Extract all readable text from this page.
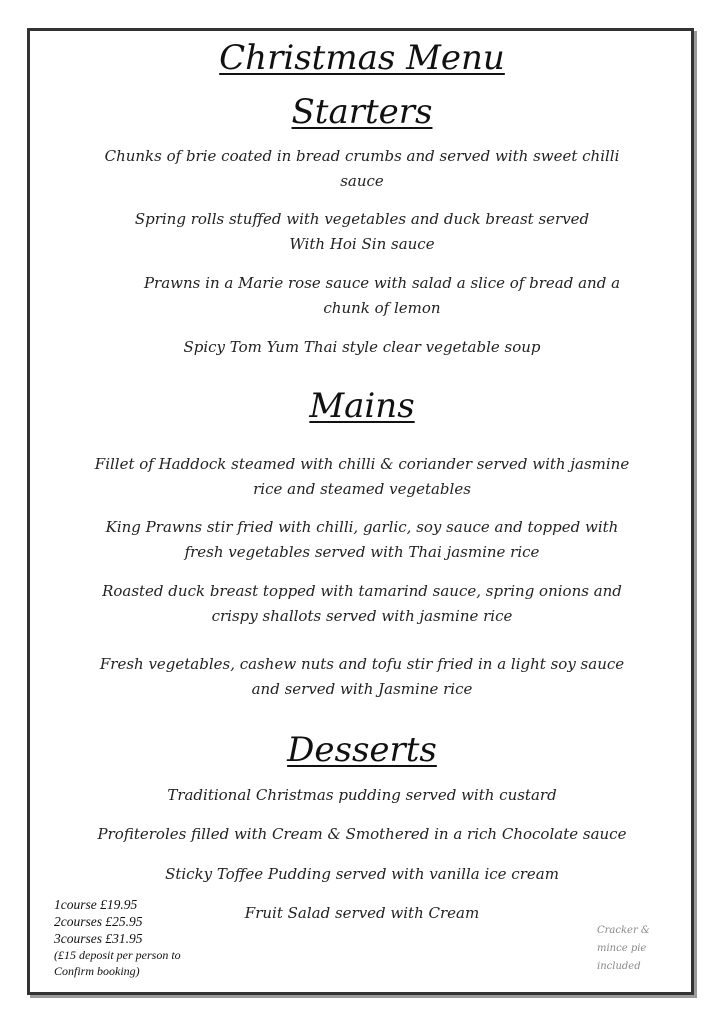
Christmas Menu
Starters
Chunks of brie coated in bread crumbs and served with sweet chilli
sauce
Spring rolls stuffed with vegetables and duck breast served
With Hoi Sin sauce
Prawns in a Marie rose sauce with salad a slice of bread and a
chunk of lemon
Spicy Tom Yum Thai style clear vegetable soup
Mains
Fillet of Haddock steamed with chilli & coriander served with jasmine
rice and steamed vegetables
King Prawns stir fried with chilli, garlic, soy sauce and topped with
fresh vegetables served with Thai jasmine rice
Roasted duck breast topped with tamarind sauce, spring onions and
crispy shallots served with jasmine rice
Fresh vegetables, cashew nuts and tofu stir fried in a light soy sauce
and served with Jasmine rice
Desserts
Traditional Christmas pudding served with custard
Profiteroles filled with Cream & Smothered in a rich Chocolate sauce
Sticky Toffee Pudding served with vanilla ice cream
Fruit Salad served with Cream
1course £19.95
2courses £25.95
3courses £31.95
(£15 deposit per person to
Confirm booking)
Cracker &
mince pie
included
